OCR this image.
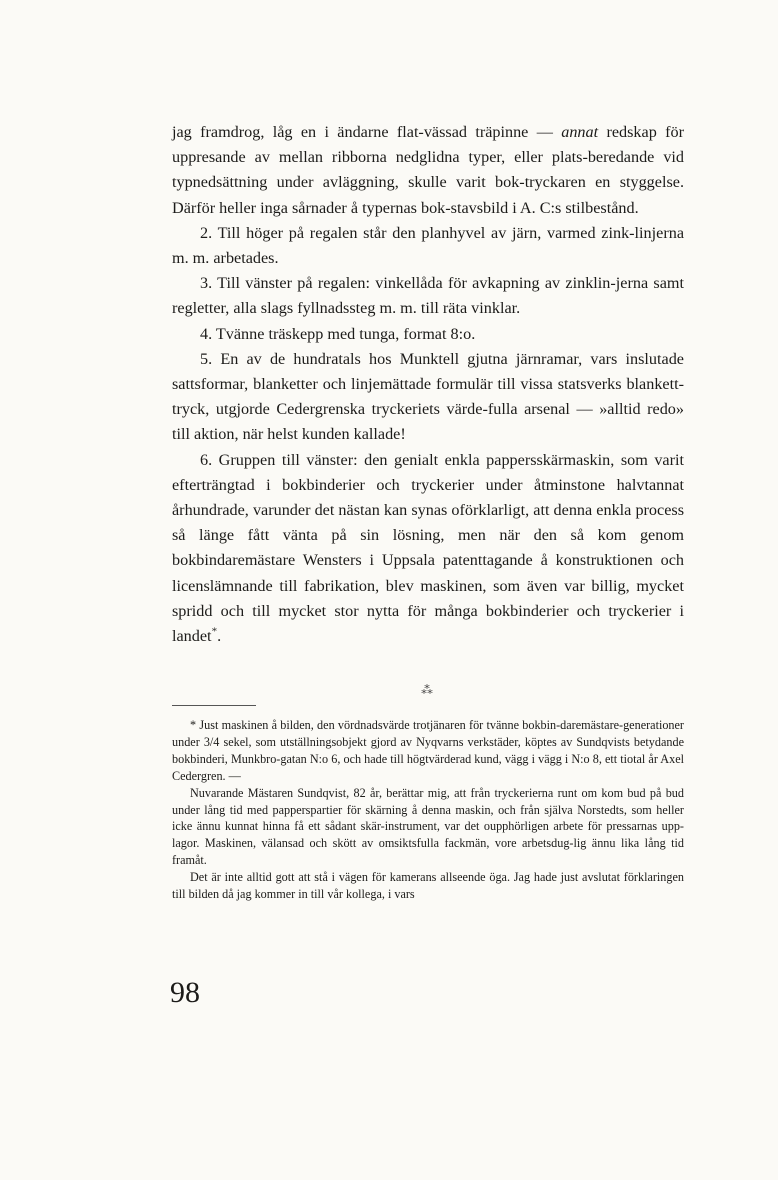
jag framdrog, låg en i ändarne flat-vässad träpinne — annat redskap för uppresande av mellan ribborna nedglidna typer, eller plats-beredande vid typnedsättning under avläggning, skulle varit bok-tryckaren en styggelse. Därför heller inga sårnader å typernas bok-stavsbild i A. C:s stilbestånd.

2. Till höger på regalen står den planhyvel av järn, varmed zink-linjerna m. m. arbetades.

3. Till vänster på regalen: vinkellåda för avkapning av zinklin-jerna samt regletter, alla slags fyllnadssteg m. m. till räta vinklar.

4. Tvänne träskepp med tunga, format 8:o.

5. En av de hundratals hos Munktell gjutna järnramar, vars inslutade sattsformar, blanketter och linjemättade formulär till vissa statsverks blankett-tryck, utgjorde Cedergrenska tryckeriets värde-fulla arsenal — »alltid redo» till aktion, när helst kunden kallade!

6. Gruppen till vänster: den genialt enkla pappersskärmaskin, som varit efterträngtad i bokbinderier och tryckerier under åtminstone halvtannat århundrade, varunder det nästan kan synas oförklarligt, att denna enkla process så länge fått vänta på sin lösning, men när den så kom genom bokbindaremästare Wensters i Uppsala patenttagande å konstruktionen och licenslämnande till fabrikation, blev maskinen, som även var billig, mycket spridd och till mycket stor nytta för många bokbinderier och tryckerier i landet*.

⁂

* Just maskinen å bilden, den vördnadsvärde trotjänaren för tvänne bokbin-daremästare-generationer under 3/4 sekel, som utställningsobjekt gjord av Nyqvarns verkstäder, köptes av Sundqvists betydande bokbinderi, Munkbro-gatan N:o 6, och hade till högtvärderad kund, vägg i vägg i N:o 8, ett tiotal år Axel Cedergren. —

Nuvarande Mästaren Sundqvist, 82 år, berättar mig, att från tryckerierna runt om kom bud på bud under lång tid med papperspartier för skärning å denna maskin, och från själva Norstedts, som heller icke ännu kunnat hinna få ett sådant skär-instrument, var det oupphörligen arbete för pressarnas upp-lagor. Maskinen, välansad och skött av omsiktsfulla fackmän, vore arbetsdug-lig ännu lika lång tid framåt.

Det är inte alltid gott att stå i vägen för kamerans allseende öga. Jag hade just avslutat förklaringen till bilden då jag kommer in till vår kollega, i vars

98
